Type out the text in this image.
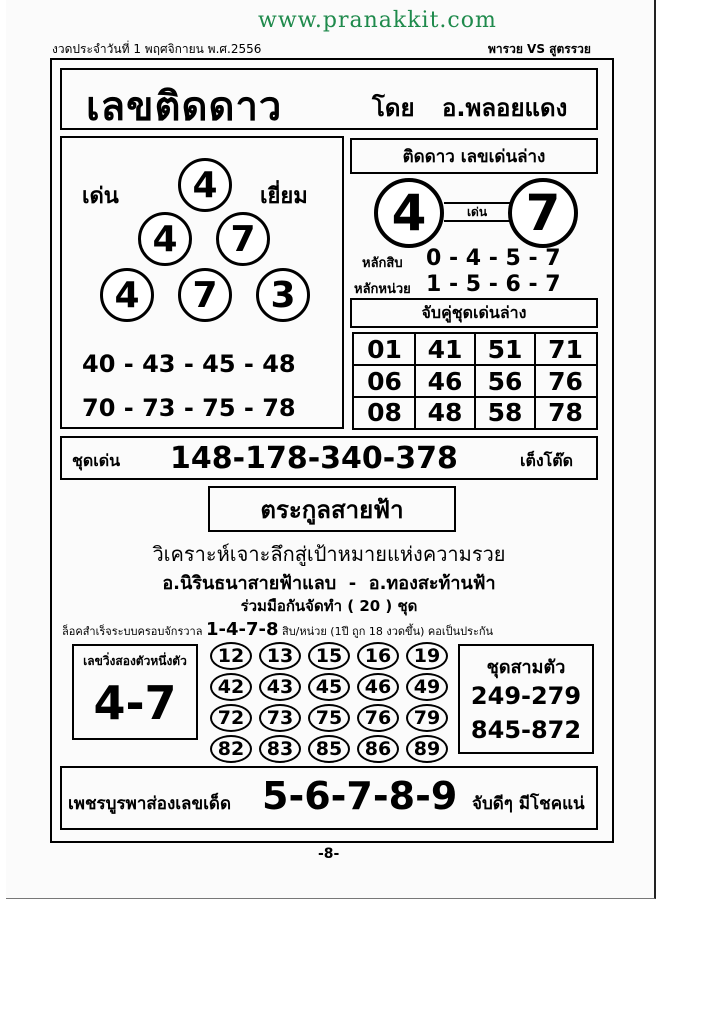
www.pranakkit.com
งวดประจำวันที่ 1 พฤศจิกายน พ.ศ.2556	พารวย VS สูตรรวย
เลขติดดาว	โดย อ.พลอยแดง
เด่น	เยี่ยม
4
4	7
4	7	3
40 - 43 - 45 - 48
70 - 73 - 75 - 78
ติดดาว เลขเด่นล่าง
4	เด่น 7
หลักสิบ 0 - 4 - 5 - 7
หลักหน่วย 1 - 5 - 6 - 7
จับคู่ชุดเด่นล่าง
01	41	51	71
06	46	56	76
08	48	58	78
ชุดเด่น 148-178-340-378	เต็งโต๊ด
ตระกูลสายฟ้า
วิเคราะห์เจาะลึกสู่เป้าหมายแห่งความรวย
อ.นิรินธนาสายฟ้าแลบ  -  อ.ทองสะท้านฟ้า
ร่วมมือกันจัดทำ ( 20 ) ชุด
ล็อคสำเร็จระบบครอบจักรวาล 1-4-7-8 สิบ/หน่วย (1ปี ถูก 18 งวดขึ้น) คอเป็นประกัน
เลขวิ่งสองตัวหนึ่งตัว
4-7
12	13	15	16	19
42	43	45	46	49
72	73	75	76	79
82	83	85	86	89
ชุดสามตัว
249-279
845-872
เพชรบูรพาส่องเลขเด็ด 5-6-7-8-9 จับดีๆ มีโชคแน่
-8-
